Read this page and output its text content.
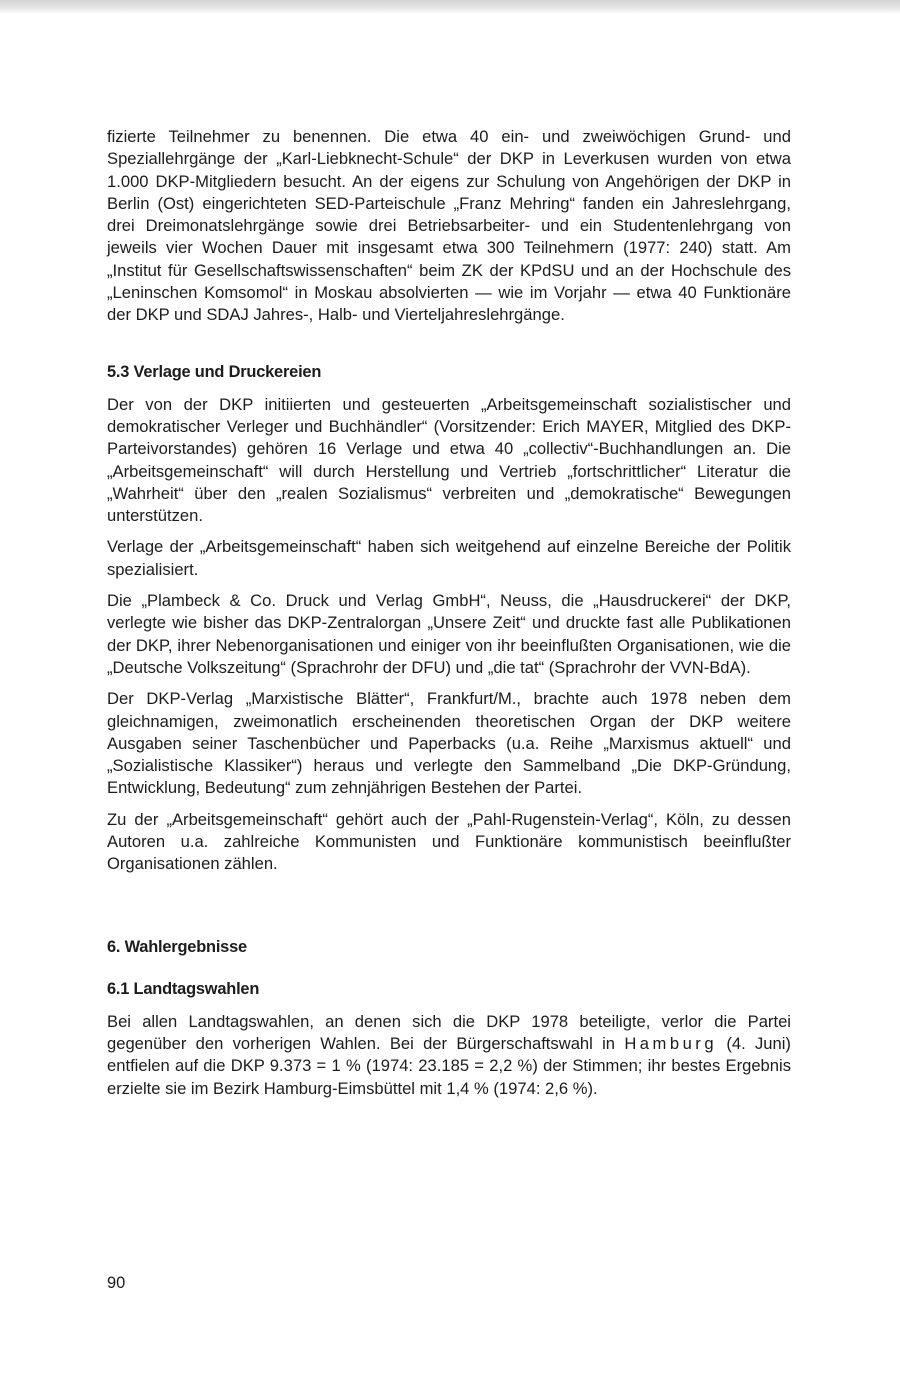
fizierte Teilnehmer zu benennen. Die etwa 40 ein- und zweiwöchigen Grund- und Speziallehrgänge der „Karl-Liebknecht-Schule“ der DKP in Leverkusen wurden von etwa 1.000 DKP-Mitgliedern besucht. An der eigens zur Schulung von Angehörigen der DKP in Berlin (Ost) eingerichteten SED-Parteischule „Franz Mehring“ fanden ein Jahreslehrgang, drei Dreimonatslehrgänge sowie drei Betriebsarbeiter- und ein Studentenlehrgang von jeweils vier Wochen Dauer mit insgesamt etwa 300 Teilnehmern (1977: 240) statt. Am „Institut für Gesellschaftswissenschaften“ beim ZK der KPdSU und an der Hochschule des „Leninschen Komsomol“ in Moskau absolvierten — wie im Vorjahr — etwa 40 Funktionäre der DKP und SDAJ Jahres-, Halb- und Vierteljahreslehrgänge.

5.3 Verlage und Druckereien

Der von der DKP initiierten und gesteuerten „Arbeitsgemeinschaft sozialistischer und demokratischer Verleger und Buchhändler“ (Vorsitzender: Erich MAYER, Mitglied des DKP-Parteivorstandes) gehören 16 Verlage und etwa 40 „collectiv“-Buchhandlungen an. Die „Arbeitsgemeinschaft“ will durch Herstellung und Vertrieb „fortschrittlicher“ Literatur die „Wahrheit“ über den „realen Sozialismus“ verbreiten und „demokratische“ Bewegungen unterstützen.

Verlage der „Arbeitsgemeinschaft“ haben sich weitgehend auf einzelne Bereiche der Politik spezialisiert.

Die „Plambeck & Co. Druck und Verlag GmbH“, Neuss, die „Hausdruckerei“ der DKP, verlegte wie bisher das DKP-Zentralorgan „Unsere Zeit“ und druckte fast alle Publikationen der DKP, ihrer Nebenorganisationen und einiger von ihr beeinflußten Organisationen, wie die „Deutsche Volkszeitung“ (Sprachrohr der DFU) und „die tat“ (Sprachrohr der VVN-BdA).

Der DKP-Verlag „Marxistische Blätter“, Frankfurt/M., brachte auch 1978 neben dem gleichnamigen, zweimonatlich erscheinenden theoretischen Organ der DKP weitere Ausgaben seiner Taschenbücher und Paperbacks (u.a. Reihe „Marxismus aktuell“ und „Sozialistische Klassiker“) heraus und verlegte den Sammelband „Die DKP-Gründung, Entwicklung, Bedeutung“ zum zehnjährigen Bestehen der Partei.

Zu der „Arbeitsgemeinschaft“ gehört auch der „Pahl-Rugenstein-Verlag“, Köln, zu dessen Autoren u.a. zahlreiche Kommunisten und Funktionäre kommunistisch beeinflußter Organisationen zählen.

6. Wahlergebnisse
6.1 Landtagswahlen

Bei allen Landtagswahlen, an denen sich die DKP 1978 beteiligte, verlor die Partei gegenüber den vorherigen Wahlen. Bei der Bürgerschaftswahl in Hamburg (4. Juni) entfielen auf die DKP 9.373 = 1 % (1974: 23.185 = 2,2 %) der Stimmen; ihr bestes Ergebnis erzielte sie im Bezirk Hamburg-Eimsbüttel mit 1,4 % (1974: 2,6 %).

90
